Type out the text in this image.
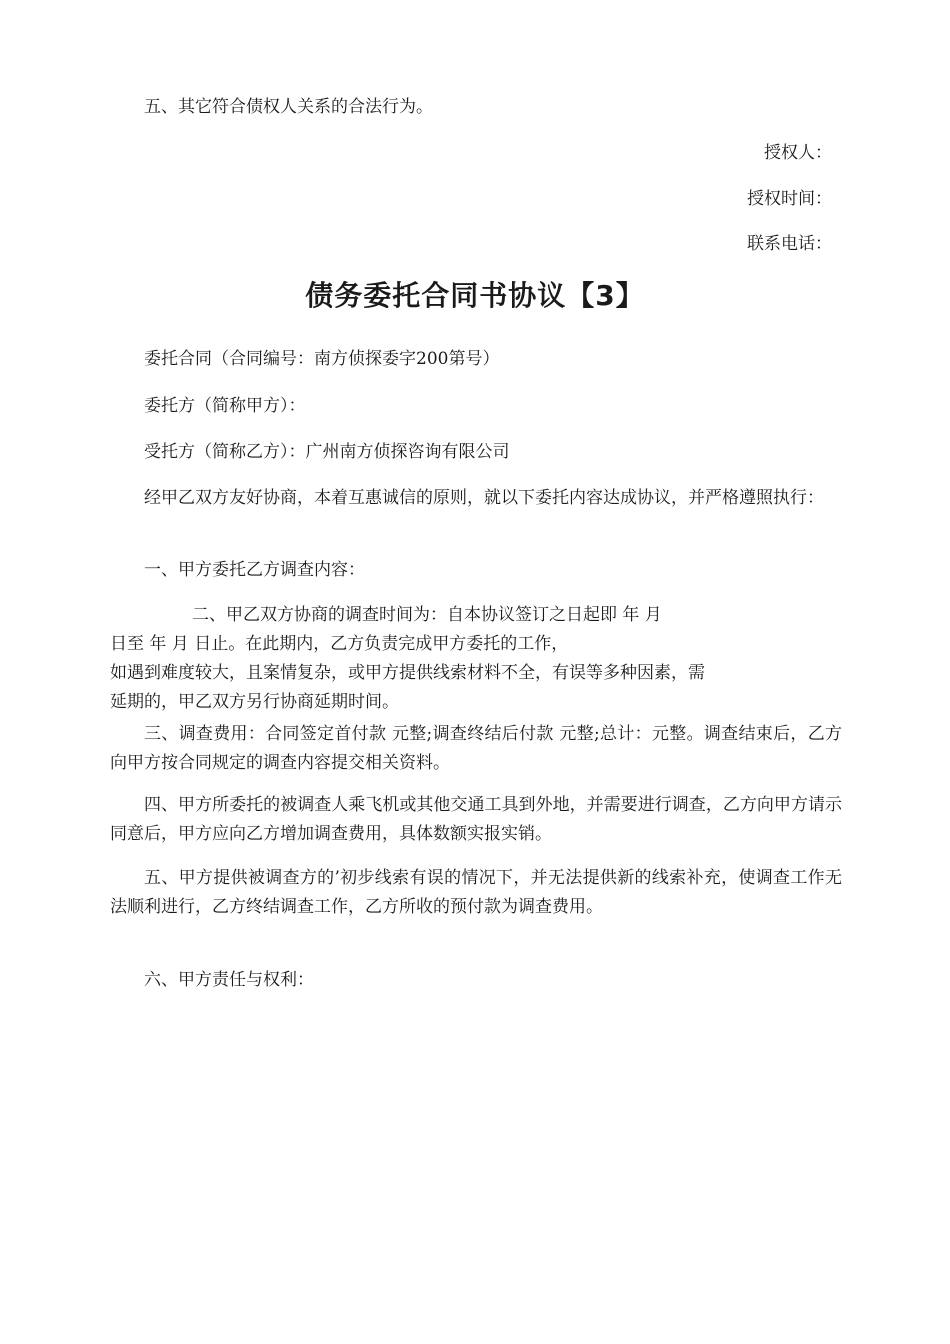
五、其它符合债权人关系的合法行为。

授权人：

授权时间：

联系电话：

债务委托合同书协议【3】

委托合同（合同编号：南方侦探委字200第号）

委托方（简称甲方）：

受托方（简称乙方）：广州南方侦探咨询有限公司

经甲乙双方友好协商，本着互惠诚信的原则，就以下委托内容达成协议，并严格遵照执行：

一、甲方委托乙方调查内容：

二、甲乙双方协商的调查时间为：自本协议签订之日起即 年 月
日至 年 月 日止。在此期内，乙方负责完成甲方委托的工作，
如遇到难度较大，且案情复杂，或甲方提供线索材料不全，有误等多种因素，需
延期的，甲乙双方另行协商延期时间。

三、调查费用：合同签定首付款 元整;调查终结后付款 元整;总计：元整。调查结束后，乙方向甲方按合同规定的调查内容提交相关资料。

四、甲方所委托的被调查人乘飞机或其他交通工具到外地，并需要进行调查，乙方向甲方请示同意后，甲方应向乙方增加调查费用，具体数额实报实销。

五、甲方提供被调查方的’初步线索有误的情况下，并无法提供新的线索补充，使调查工作无法顺利进行，乙方终结调查工作，乙方所收的预付款为调查费用。

六、甲方责任与权利：
